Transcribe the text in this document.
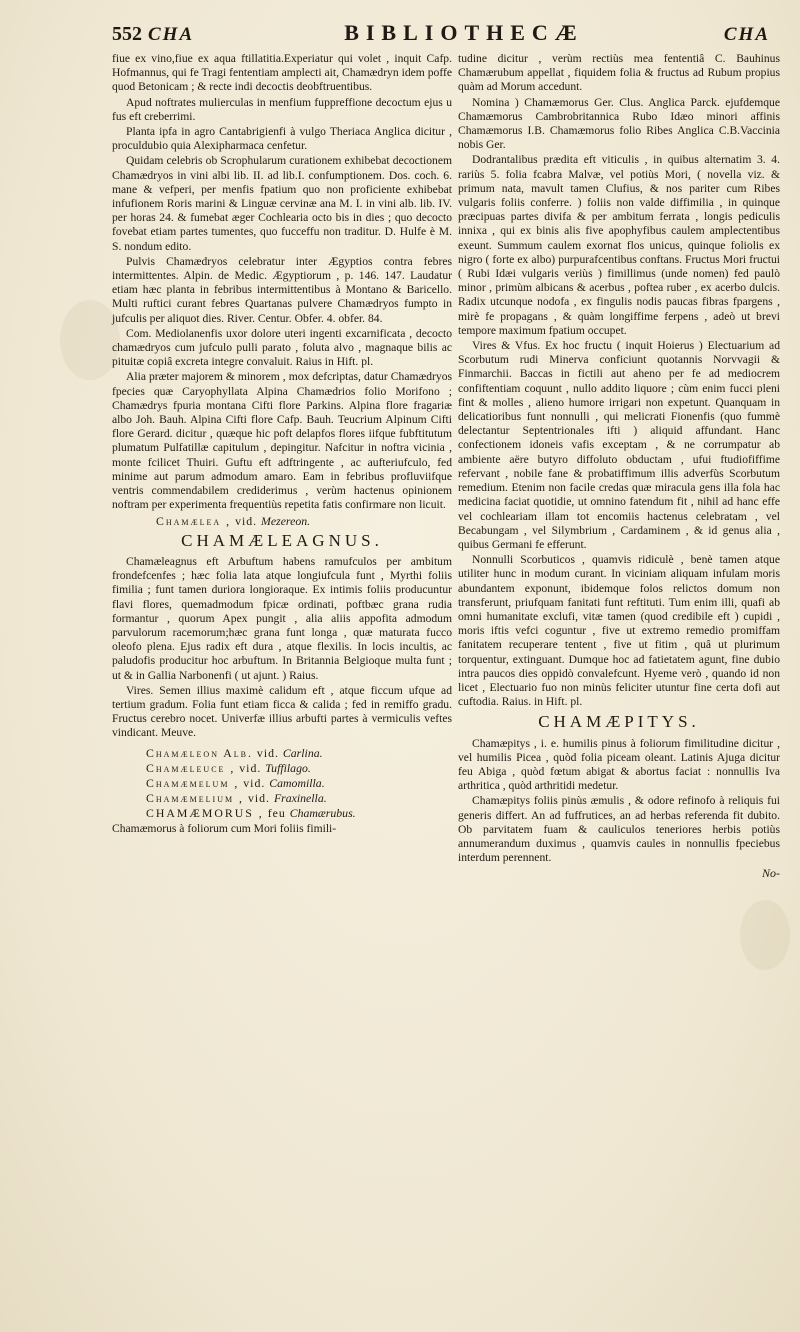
552 CHA	BIBLIOTHECÆ	CHA

fiue ex vino,fiue ex aqua ftillatitia.Experiatur qui volet , inquit Cafp. Hofmannus, qui fe Tragi fententiam amplecti ait, Chamædryn idem poffe quod Betonicam ; & recte indi decoctis deobftruentibus.

Apud noftrates mulierculas in menfium fuppreffione decoctum ejus u fus eft creberrimi.

Planta ipfa in agro Cantabrigienfi à vulgo Theriaca Anglica dicitur , proculdubio quia Alexipharmaca cenfetur.

Quidam celebris ob Scrophularum curationem exhibebat decoctionem Chamædryos in vini albi lib. II. ad lib.I. confumptionem. Dos. coch. 6. mane & vefperi, per menfis fpatium quo non proficiente exhibebat infufionem Roris marini & Linguæ cervinæ ana M. I. in vini alb. lib. IV. per horas 24. & fumebat æger Cochlearia octo bis in dies ; quo decocto fovebat etiam partes tumentes, quo fucceffu non traditur. D. Hulfe è M. S. nondum edito.

Pulvis Chamædryos celebratur inter Ægyptios contra febres intermittentes. Alpin. de Medic. Ægyptiorum , p. 146. 147. Laudatur etiam hæc planta in febribus intermittentibus à Montano & Baricello. Multi ruftici curant febres Quartanas pulvere Chamædryos fumpto in jufculis per aliquot dies. River. Centur. Obfer. 4. obfer. 84.

Com. Mediolanenfis uxor dolore uteri ingenti excarnificata , decocto chamædryos cum jufculo pulli parato , foluta alvo , magnaque bilis ac pituitæ copiâ excreta integre convaluit. Raius in Hift. pl.

Alia præter majorem & minorem , mox defcriptas, datur Chamædryos fpecies quæ Caryophyllata Alpina Chamædrios folio Morifono ; Chamædrys fpuria montana Cifti flore Parkins. Alpina flore fragariæ albo Joh. Bauh. Alpina Cifti flore Cafp. Bauh. Teucrium Alpinum Cifti flore Gerard. dicitur , quæque hic poft delapfos flores iifque fubftitutum plumatum Pulfatillæ capitulum , depingitur. Nafcitur in noftra vicinia , monte fcilicet Thuiri. Guftu eft adftringente , ac aufteriufculo, fed minime aut parum admodum amaro. Eam in febribus profluviifque ventris commendabilem crediderimus , verùm hactenus opinionem noftram per experimenta frequentiùs repetita fatis confirmare non licuit.

Chamælea , vid. Mezereon.

CHAMÆLEAGNUS.

Chamæleagnus eft Arbuftum habens ramufculos per ambitum frondefcenfes ; hæc folia lata atque longiufcula funt , Myrthi foliis fimilia ; funt tamen duriora longioraque. Ex intimis foliis producuntur flavi flores, quemadmodum fpicæ ordinati, poftbæc grana rudia formantur , quorum Apex pungit , alia aliis appofita admodum parvulorum racemorum;hæc grana funt longa , quæ maturata fucco oleofo plena. Ejus radix eft dura , atque flexilis. In locis incultis, ac paludofis producitur hoc arbuftum. In Britannia Belgioque multa funt ; ut & in Gallia Narbonenfi ( ut ajunt. ) Raius.

Vires. Semen illius maximè calidum eft , atque ficcum ufque ad tertium gradum. Folia funt etiam ficca & calida ; fed in remiffo gradu. Fructus cerebro nocet. Univerfæ illius arbufti partes à vermiculis veftes vindicant. Meuve.

Chamæleon Alb. vid. Carlina.

Chamæleuce , vid. Tuffilago.

Chamæmelum , vid. Camomilla.

Chamæmelium , vid. Fraxinella.

CHAMÆMORUS , feu Chamærubus.

Chamæmorus à foliorum cum Mori foliis fimili-

tudine dicitur , verùm rectiùs mea fententiâ C. Bauhinus Chamærubum appellat , fiquidem folia & fructus ad Rubum propius quàm ad Morum accedunt.

Nomina ) Chamæmorus Ger. Clus. Anglica Parck. ejufdemque Chamæmorus Cambrobritannica Rubo Idæo minori affinis Chamæmorus I.B. Chamæmorus folio Ribes Anglica C.B.Vaccinia nobis Ger.

Dodrantalibus prædita eft viticulis , in quibus alternatim 3. 4. rariùs 5. folia fcabra Malvæ, vel potiùs Mori, ( novella viz. & primum nata, mavult tamen Clufius, & nos pariter cum Ribes vulgaris foliis conferre. ) foliis non valde diffimilia , in quinque præcipuas partes divifa & per ambitum ferrata , longis pediculis innixa , qui ex binis alis five apophyfibus caulem amplectentibus exeunt. Summum caulem exornat flos unicus, quinque foliolis ex nigro ( forte ex albo) purpurafcentibus conftans. Fructus Mori fructui ( Rubi Idæi vulgaris veriùs ) fimillimus (unde nomen) fed paulò minor , primùm albicans & acerbus , poftea ruber , ex acerbo dulcis. Radix utcunque nodofa , ex fingulis nodis paucas fibras fpargens , mirè fe propagans , & quàm longiffime ferpens , adeò ut brevi tempore maximum fpatium occupet.

Vires & Vfus. Ex hoc fructu ( inquit Hoierus ) Electuarium ad Scorbutum rudi Minerva conficiunt quotannis Norvvagii & Finmarchii. Baccas in fictili aut aheno per fe ad mediocrem confiftentiam coquunt , nullo addito liquore ; cùm enim fucci pleni fint & molles , alieno humore irrigari non expetunt. Quanquam in delicatioribus funt nonnulli , qui melicrati Fionenfis (quo fummè delectantur Septentrionales ifti ) aliquid affundant. Hanc confectionem idoneis vafis exceptam , & ne corrumpatur ab ambiente aëre butyro diffoluto obductam , ufui ftudiofiffime refervant , nobile fane & probatiffimum illis adverfùs Scorbutum remedium. Etenim non facile credas quæ miracula gens illa fola hac medicina faciat quotidie, ut omnino fatendum fit , nihil ad hanc effe vel cochleariam illam tot encomiis hactenus celebratam , vel Becabungam , vel Silymbrium , Cardaminem , & id genus alia , quibus Germani fe efferunt.

Nonnulli Scorbuticos , quamvis ridiculè , benè tamen atque utiliter hunc in modum curant. In viciniam aliquam infulam moris abundantem exponunt, ibidemque folos relictos domum non transferunt, priufquam fanitati funt reftituti. Tum enim illi, quafi ab omni humanitate exclufi, vitæ tamen (quod credibile eft ) cupidi , moris iftis vefci coguntur , five ut extremo remedio promiffam fanitatem recuperare tentent , five ut fitim , quâ ut plurimum torquentur, extinguant. Dumque hoc ad fatietatem agunt, fine dubio intra paucos dies oppidò convalefcunt. Hyeme verò , quando id non licet , Electuario fuo non minùs feliciter utuntur fine certa dofi aut cuftodia. Raius. in Hift. pl.

CHAMÆPITYS.

Chamæpitys , i. e. humilis pinus à foliorum fimilitudine dicitur , vel humilis Picea , quòd folia piceam oleant. Latinis Ajuga dicitur feu Abiga , quòd fœtum abigat & abortus faciat : nonnullis Iva arthritica , quòd arthritidi medetur.

Chamæpitys foliis pinùs æmulis , & odore refinofo à reliquis fui generis differt. An ad fuffrutices, an ad herbas referenda fit dubito. Ob parvitatem fuam & cauliculos teneriores herbis potiùs annumerandum duximus , quamvis caules in nonnullis fpeciebus interdum perennent.

No-
